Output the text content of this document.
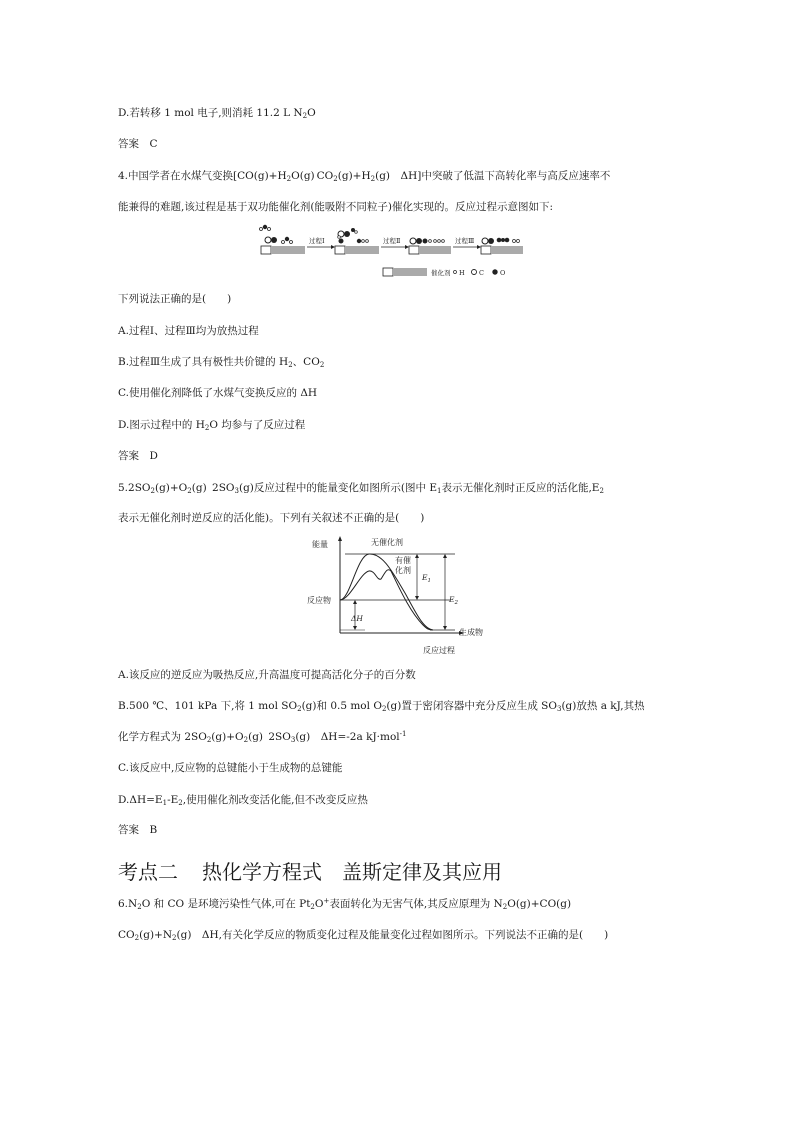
D.若转移 1 mol 电子,则消耗 11.2 L $N_2O$
答案　 C
4.中国学者在水煤气变换[$CO(g)+H_2O(g)$ $CO_2(g)+H_2(g)$　ΔH]中突破了低温下高转化率与高反应速率不
能兼得的难题,该过程是基于双功能催化剂(能吸附不同粒子)催化实现的。反应过程示意图如下:
过程Ⅰ	过程Ⅱ	过程Ⅲ
催化剂 H C O
下列说法正确的是(　　)
A.过程Ⅰ、过程Ⅲ均为放热过程
B.过程Ⅲ生成了具有极性共价键的 $H_2$、$CO_2$
C.使用催化剂降低了水煤气变换反应的 ΔH
D.图示过程中的 $H_2O$ 均参与了反应过程
答案　 D
$5.2SO_2(g)+O_2(g)$ $2SO_3(g)$反应过程中的能量变化如图所示(图中 $E_1$表示无催化剂时正反应的活化能$,E_2$
表示无催化剂时逆反应的活化能)。下列有关叙述不正确的是(　　)
能量
反应过程
反应物
生成物
无催化剂
有催
化剂
$E_1$
$E_2$
ΔH
A.该反应的逆反应为吸热反应,升高温度可提高活化分子的百分数
B.500 ℃、101 kPa 下,将 1 mol $SO_2(g)$和 0.5 mol $O_2(g)$置于密闭容器中充分反应生成 $SO_3(g)$放热 a kJ,其热
化学方程式为 $2SO_2(g)+O_2(g)$ $2SO_3(g)$　ΔH=-2a kJ·mol$^{-1}$
C.该反应中,反应物的总键能小于生成物的总键能
$D.\Delta H=E_1-E_2$,使用催化剂改变活化能,但不改变反应热
答案　 B
考点二 热化学方程式　盖斯定律及其应用
$6.N_2O$ 和 CO 是环境污染性气体,可在 $Pt_2O^+$表面转化为无害气体,其反应原理为 $N_2O(g)+CO(g)$
$CO_2(g)+N_2(g)$　ΔH,有关化学反应的物质变化过程及能量变化过程如图所示。下列说法不正确的是(　　)
